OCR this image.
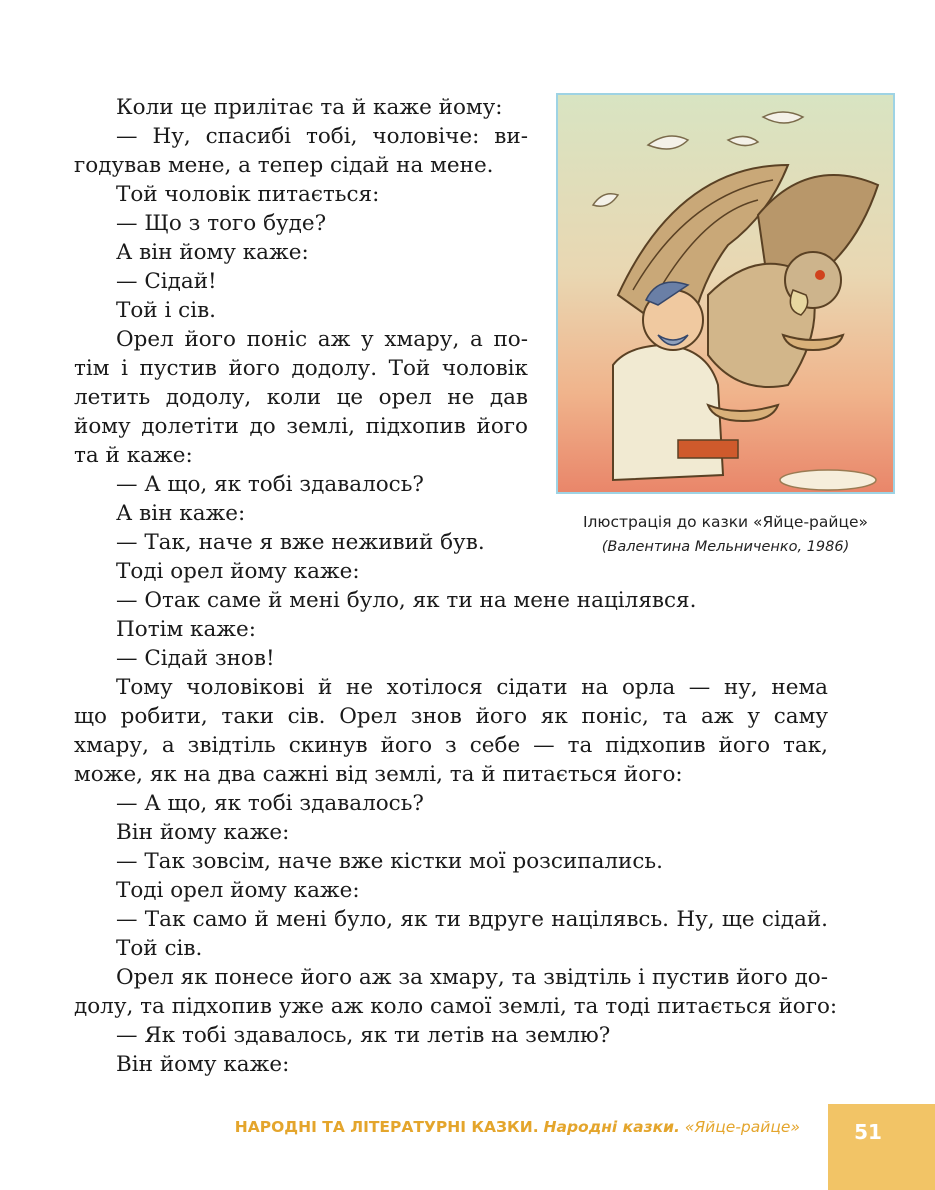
Коли це прилітає та й каже йому:
— Ну, спасибі тобі, чоловіче: ви-
годував мене, а тепер сідай на мене.
Той чоловік питається:
— Що з того буде?
А він йому каже:
— Сідай!
Той і сів.
Орел його поніс аж у хмару, а по-
тім і пустив його додолу. Той чоловік
летить додолу, коли це орел не дав
йому долетіти до землі, підхопив його
та й каже:
— А що, як тобі здавалось?
А він каже:
— Так, наче я вже неживий був.
Тоді орел йому каже:
— Отак саме й мені було, як ти на мене націлявся.
Потім каже:
— Сідай знов!
Тому чоловікові й не хотілося сідати на орла — ну, нема
що робити, таки сів. Орел знов його як поніс, та аж у саму
хмару, а звідтіль скинув його з себе — та підхопив його так,
може, як на два сажні від землі, та й питається його:
— А що, як тобі здавалось?
Він йому каже:
— Так зовсім, наче вже кістки мої розсипались.
Тоді орел йому каже:
— Так само й мені було, як ти вдруге націлявсь. Ну, ще сідай.
Той сів.
Орел як понесе його аж за хмару, та звідтіль і пустив його до-
долу, та підхопив уже аж коло самої землі, та тоді питається його:
— Як тобі здавалось, як ти летів на землю?
Він йому каже:
Ілюстрація до казки «Яйце-райце»
(Валентина Мельниченко, 1986)
НАРОДНІ ТА ЛІТЕРАТУРНІ КАЗКИ. Народні казки. «Яйце-райце»	51
